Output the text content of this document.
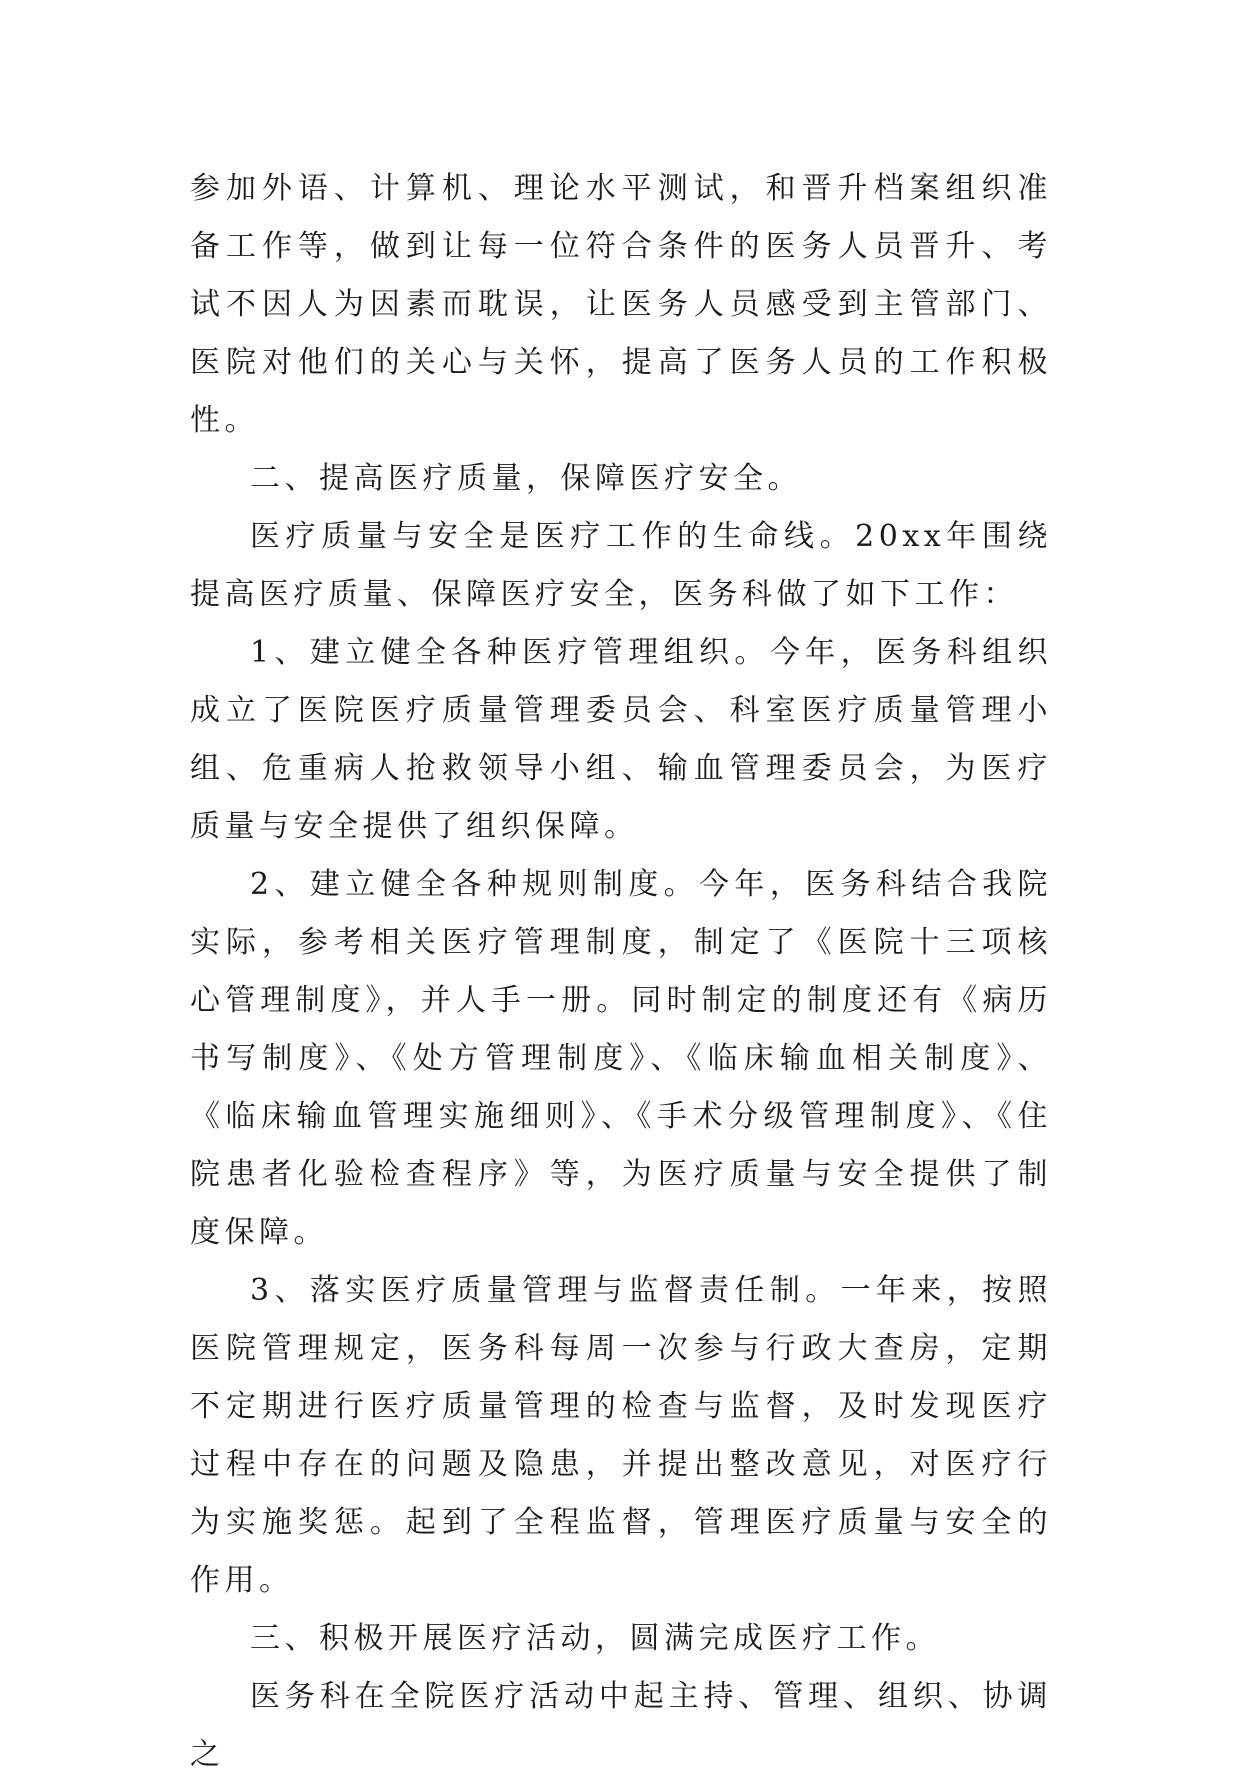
参加外语、计算机、理论水平测试，和晋升档案组织准备工作等，做到让每一位符合条件的医务人员晋升、考试不因人为因素而耽误，让医务人员感受到主管部门、医院对他们的关心与关怀，提高了医务人员的工作积极性。

二、提高医疗质量，保障医疗安全。

医疗质量与安全是医疗工作的生命线。20xx年围绕提高医疗质量、保障医疗安全，医务科做了如下工作：

1、建立健全各种医疗管理组织。今年，医务科组织成立了医院医疗质量管理委员会、科室医疗质量管理小组、危重病人抢救领导小组、输血管理委员会，为医疗质量与安全提供了组织保障。

2、建立健全各种规则制度。今年，医务科结合我院实际，参考相关医疗管理制度，制定了《医院十三项核心管理制度》，并人手一册。同时制定的制度还有《病历书写制度》、《处方管理制度》、《临床输血相关制度》、《临床输血管理实施细则》、《手术分级管理制度》、《住院患者化验检查程序》等，为医疗质量与安全提供了制度保障。

3、落实医疗质量管理与监督责任制。一年来，按照医院管理规定，医务科每周一次参与行政大查房，定期不定期进行医疗质量管理的检查与监督，及时发现医疗过程中存在的问题及隐患，并提出整改意见，对医疗行为实施奖惩。起到了全程监督，管理医疗质量与安全的作用。

三、积极开展医疗活动，圆满完成医疗工作。

医务科在全院医疗活动中起主持、管理、组织、协调之
